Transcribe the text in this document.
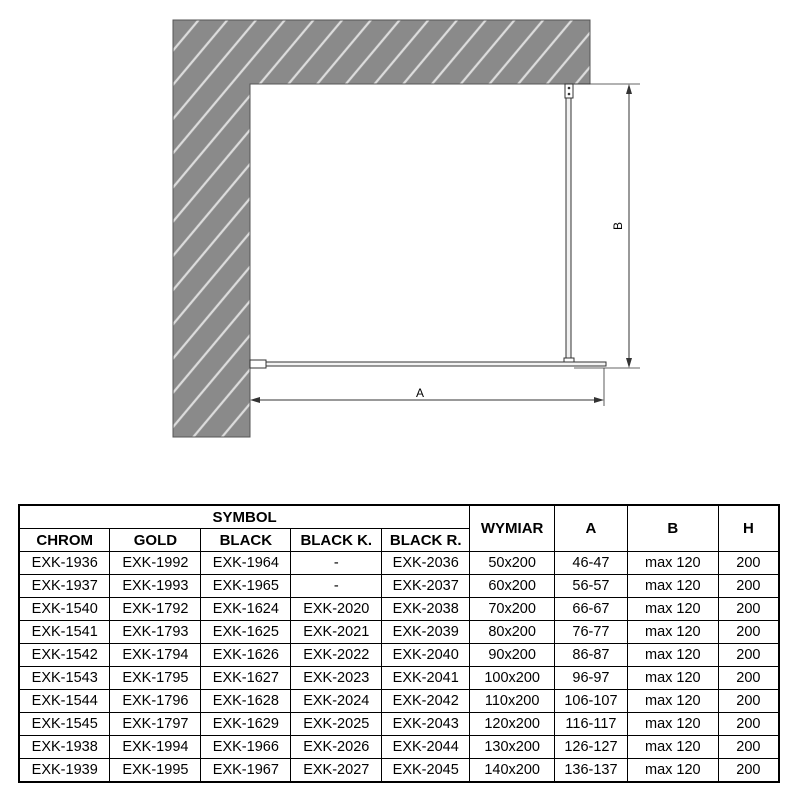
B
A
SYMBOL					WYMIAR	A	B	H
CHROM	GOLD	BLACK	BLACK K.	BLACK R.				
EXK-1936	EXK-1992	EXK-1964	-	EXK-2036	50x200	46-47	max 120	200
EXK-1937	EXK-1993	EXK-1965	-	EXK-2037	60x200	56-57	max 120	200
EXK-1540	EXK-1792	EXK-1624	EXK-2020	EXK-2038	70x200	66-67	max 120	200
EXK-1541	EXK-1793	EXK-1625	EXK-2021	EXK-2039	80x200	76-77	max 120	200
EXK-1542	EXK-1794	EXK-1626	EXK-2022	EXK-2040	90x200	86-87	max 120	200
EXK-1543	EXK-1795	EXK-1627	EXK-2023	EXK-2041	100x200	96-97	max 120	200
EXK-1544	EXK-1796	EXK-1628	EXK-2024	EXK-2042	110x200	106-107	max 120	200
EXK-1545	EXK-1797	EXK-1629	EXK-2025	EXK-2043	120x200	116-117	max 120	200
EXK-1938	EXK-1994	EXK-1966	EXK-2026	EXK-2044	130x200	126-127	max 120	200
EXK-1939	EXK-1995	EXK-1967	EXK-2027	EXK-2045	140x200	136-137	max 120	200
